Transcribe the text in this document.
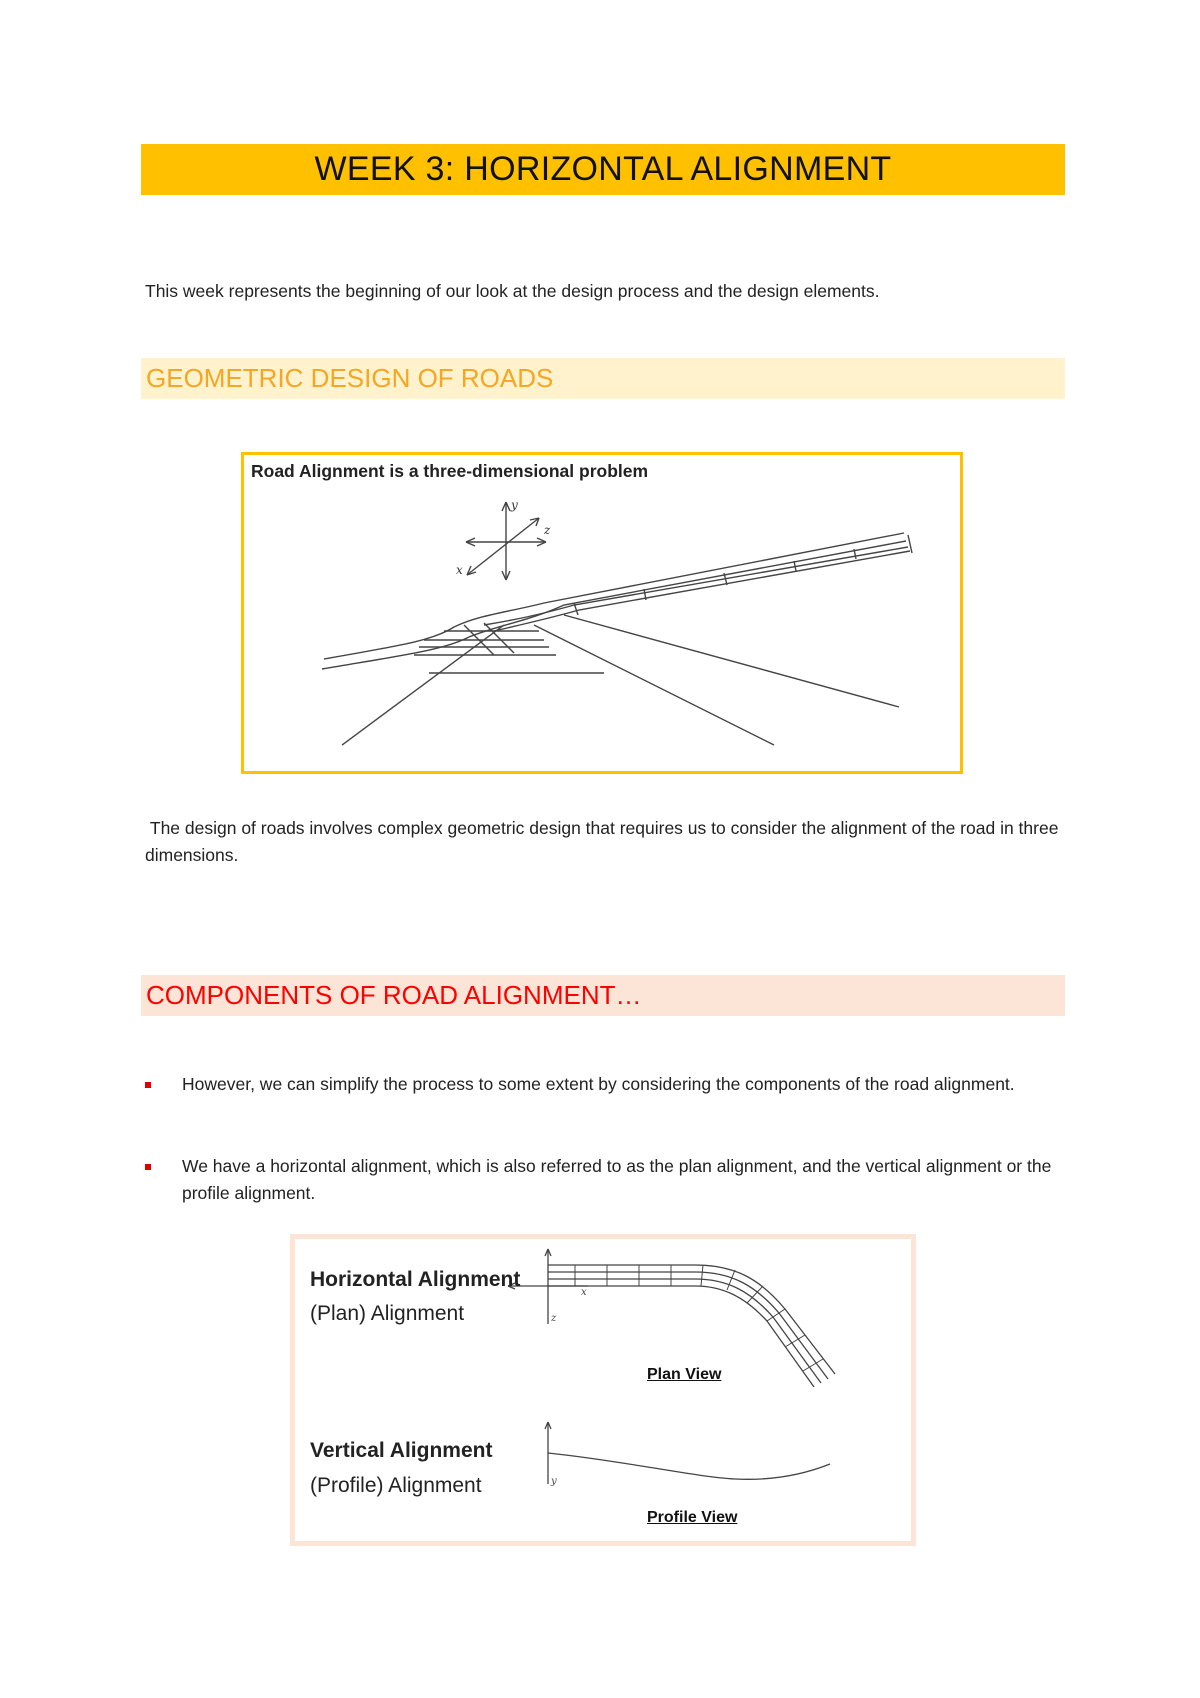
WEEK 3: HORIZONTAL ALIGNMENT
This week represents the beginning of our look at the design process and the design elements.
GEOMETRIC DESIGN OF ROADS
y
z
x
Road Alignment is a three-dimensional problem
The design of roads involves complex geometric design that requires us to consider the alignment of the road in three dimensions.
COMPONENTS OF ROAD ALIGNMENT…
However, we can simplify the process to some extent by considering the components of the road alignment.
We have a horizontal alignment, which is also referred to as the plan alignment, and the vertical alignment or the profile alignment.
x
z
y
Horizontal Alignment
(Plan) Alignment
Plan View
Vertical Alignment
(Profile) Alignment
Profile View
